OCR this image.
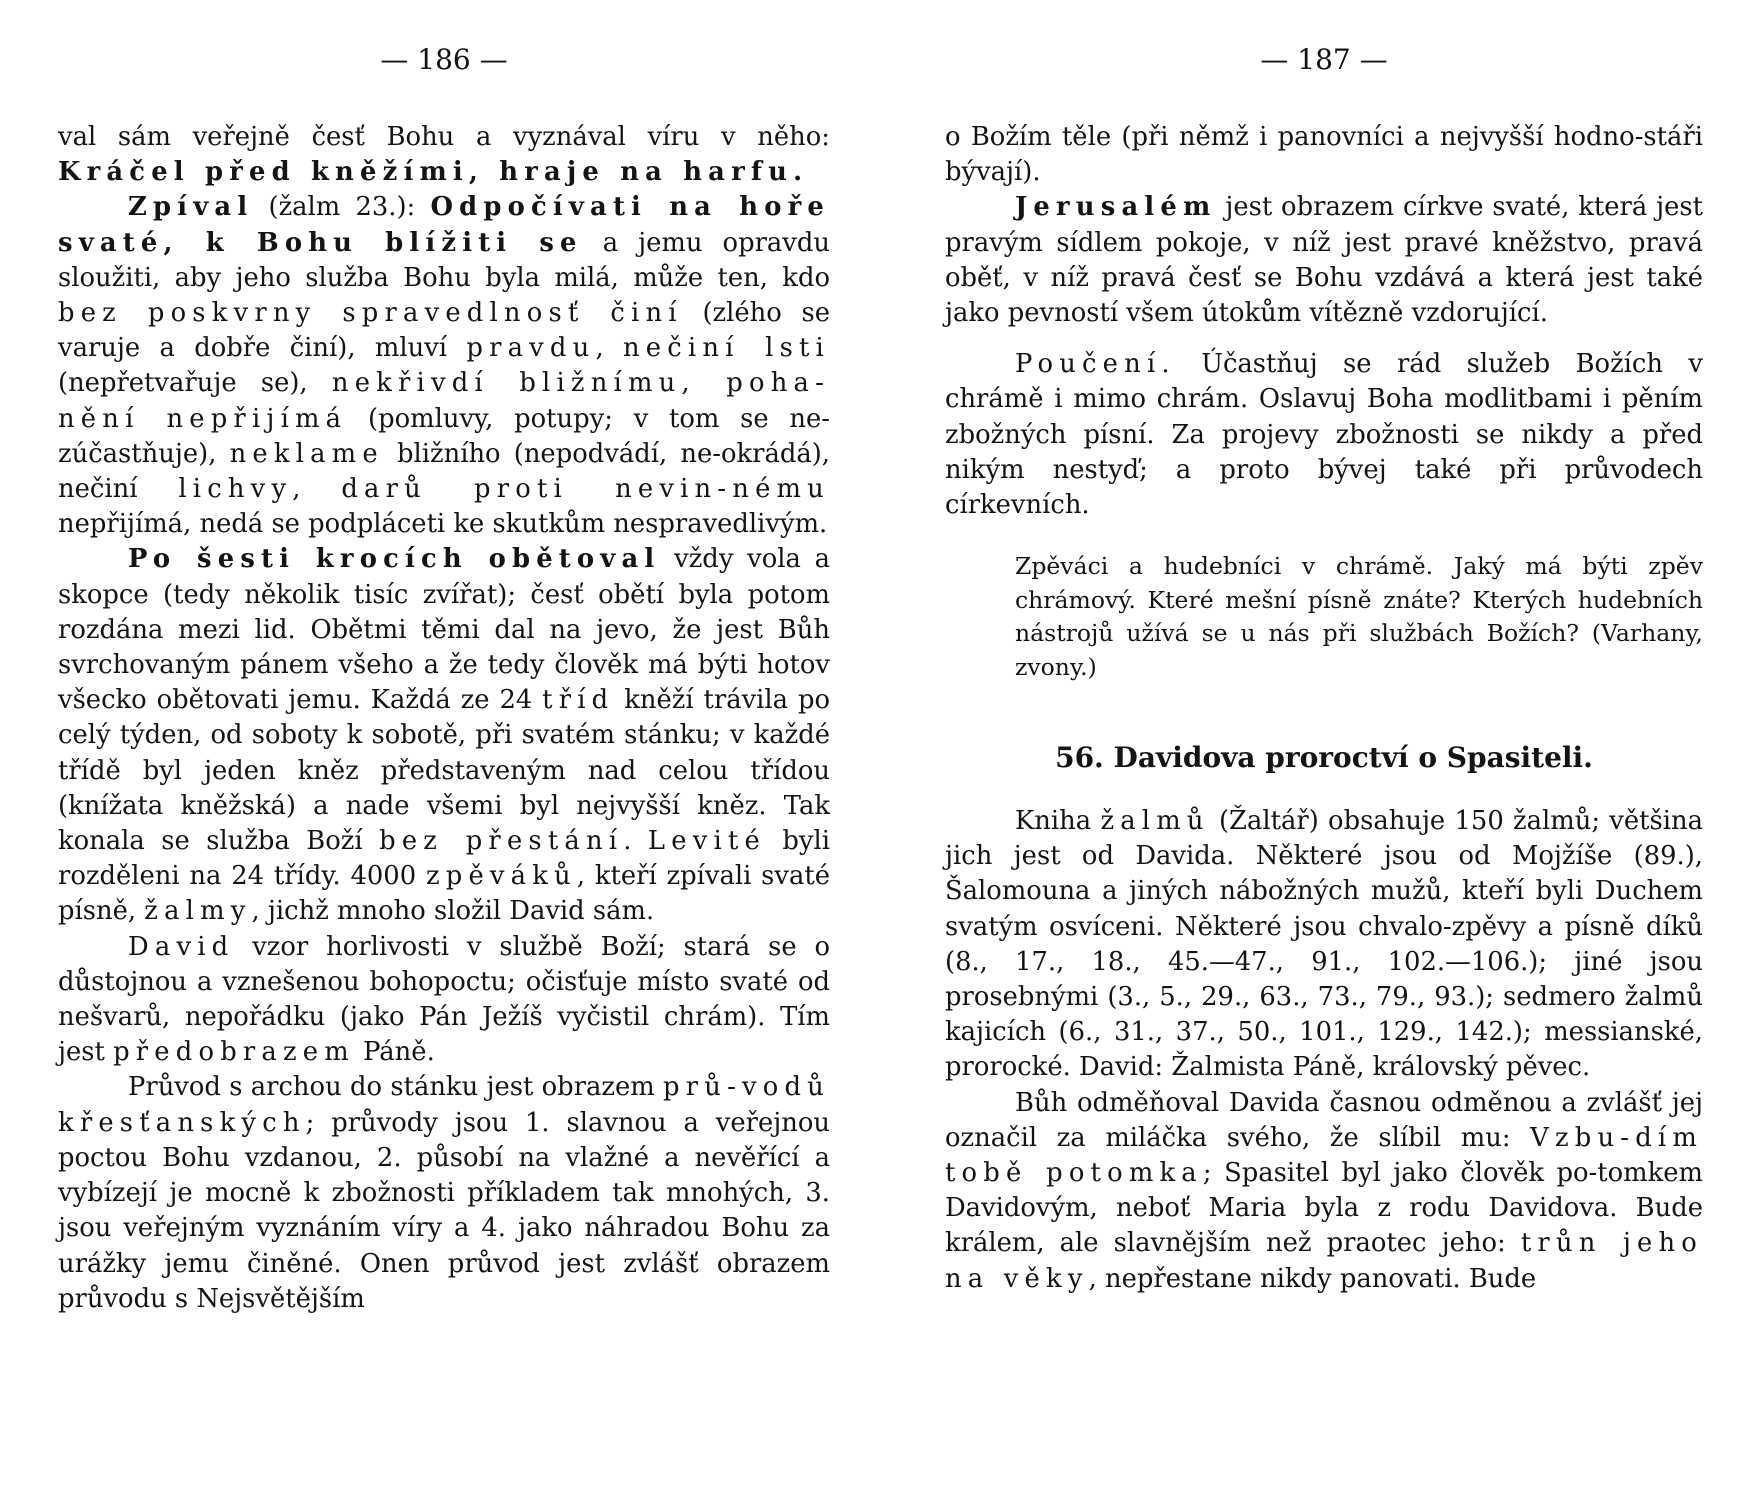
— 186 —

val sám veřejně česť Bohu a vyznával víru v něho: Kráčel před kněžími, hraje na harfu.

Zpíval (žalm 23.): Odpočívati na hoře svaté, k Bohu blížiti se a jemu opravdu sloužiti, aby jeho služba Bohu byla milá, může ten, kdo bez poskvrny spravedlnosť činí (zlého se varuje a dobře činí), mluví pravdu, nečiní lsti (nepřetvařuje se), nekřivdí bližnímu, poha-nění nepřijímá (pomluvy, potupy; v tom se ne-zúčastňuje), neklame bližního (nepodvádí, ne-okrádá), nečiní lichvy, darů proti nevin-nému nepřijímá, nedá se podpláceti ke skutkům nespravedlivým.

Po šesti krocích obětoval vždy vola a skopce (tedy několik tisíc zvířat); česť obětí byla potom rozdána mezi lid. Obětmi těmi dal na jevo, že jest Bůh svrchovaným pánem všeho a že tedy člověk má býti hotov všecko obětovati jemu. Každá ze 24 tříd kněží trávila po celý týden, od soboty k sobotě, při svatém stánku; v každé třídě byl jeden kněz představeným nad celou třídou (knížata kněžská) a nade všemi byl nejvyšší kněz. Tak konala se služba Boží bez přestání. Levité byli rozděleni na 24 třídy. 4000 zpěváků, kteří zpívali svaté písně, žalmy, jichž mnoho složil David sám.

David vzor horlivosti v službě Boží; stará se o důstojnou a vznešenou bohopoctu; očisťuje místo svaté od nešvarů, nepořádku (jako Pán Ježíš vyčistil chrám). Tím jest předobrazem Páně.

Průvod s archou do stánku jest obrazem prů-vodů křesťanských; průvody jsou 1. slavnou a veřejnou poctou Bohu vzdanou, 2. působí na vlažné a nevěřící a vybízejí je mocně k zbožnosti příkladem tak mnohých, 3. jsou veřejným vyznáním víry a 4. jako náhradou Bohu za urážky jemu činěné. Onen průvod jest zvlášť obrazem průvodu s Nejsvětějším

— 187 —

o Božím těle (při němž i panovníci a nejvyšší hodno-stáři bývají).

Jerusalém jest obrazem církve svaté, která jest pravým sídlem pokoje, v níž jest pravé kněžstvo, pravá oběť, v níž pravá česť se Bohu vzdává a která jest také jako pevností všem útokům vítězně vzdorující.

Poučení. Účastňuj se rád služeb Božích v chrámě i mimo chrám. Oslavuj Boha modlitbami i pěním zbožných písní. Za projevy zbožnosti se nikdy a před nikým nestyď; a proto bývej také při průvodech církevních.

Zpěváci a hudebníci v chrámě. Jaký má býti zpěv chrámový. Které mešní písně znáte? Kterých hudebních nástrojů užívá se u nás při službách Božích? (Varhany, zvony.)
56. Davidova proroctví o Spasiteli.

Kniha žalmů (Žaltář) obsahuje 150 žalmů; většina jich jest od Davida. Některé jsou od Mojžíše (89.), Šalomouna a jiných nábožných mužů, kteří byli Duchem svatým osvíceni. Některé jsou chvalo-zpěvy a písně díků (8., 17., 18., 45.—47., 91., 102.—106.); jiné jsou prosebnými (3., 5., 29., 63., 73., 79., 93.); sedmero žalmů kajicích (6., 31., 37., 50., 101., 129., 142.); messianské, prorocké. David: Žalmista Páně, královský pěvec.

Bůh odměňoval Davida časnou odměnou a zvlášť jej označil za miláčka svého, že slíbil mu: Vzbu-dím tobě potomka; Spasitel byl jako člověk po-tomkem Davidovým, neboť Maria byla z rodu Davidova. Bude králem, ale slavnějším než praotec jeho: trůn jeho na věky, nepřestane nikdy panovati. Bude
